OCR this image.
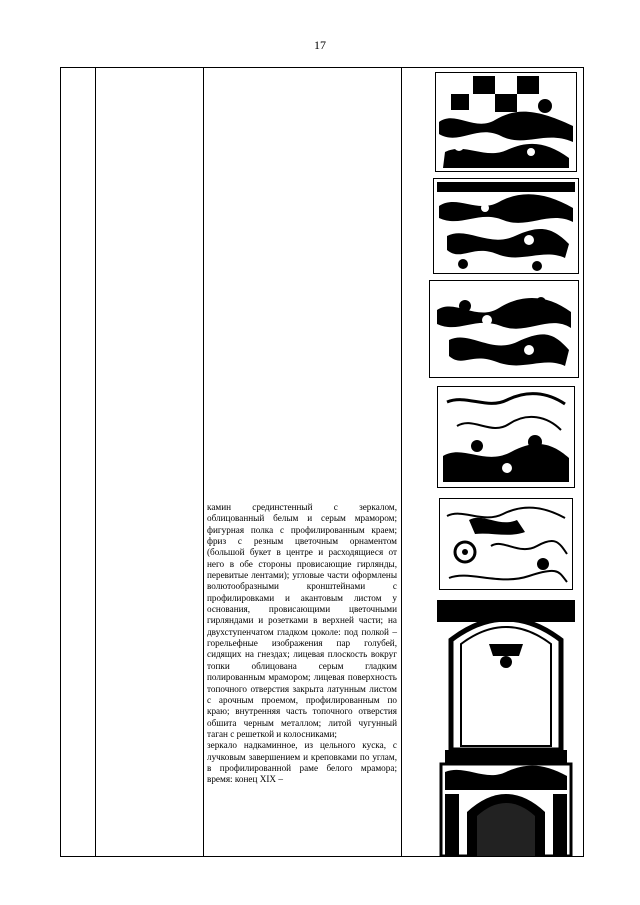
17

камин срединстенный с зеркалом, облицованный белым и серым мрамором; фигурная полка с профилированным краем; фриз с резным цветочным орнаментом (большой букет в центре и расходящиеся от него в обе стороны провисающие гирлянды, перевитые лентами); угловые части оформлены волютообразными кронштейнами с профилировками и акантовым листом у основания, провисающими цветочными гирляндами и розетками в верхней части; на двухступенчатом гладком цоколе: под полкой – горельефные изображения пар голубей, сидящих на гнездах; лицевая плоскость вокруг топки облицована серым гладким полированным мрамором; лицевая поверхность топочного отверстия закрыта латунным листом с арочным проемом, профилированным по краю; внутренняя часть топочного отверстия обшита черным металлом; литой чугунный таган с решеткой и колосниками;

зеркало надкаминное, из цельного куска, с лучковым завершением и креповками по углам, в профилированной раме белого мрамора; время: конец XIX –
